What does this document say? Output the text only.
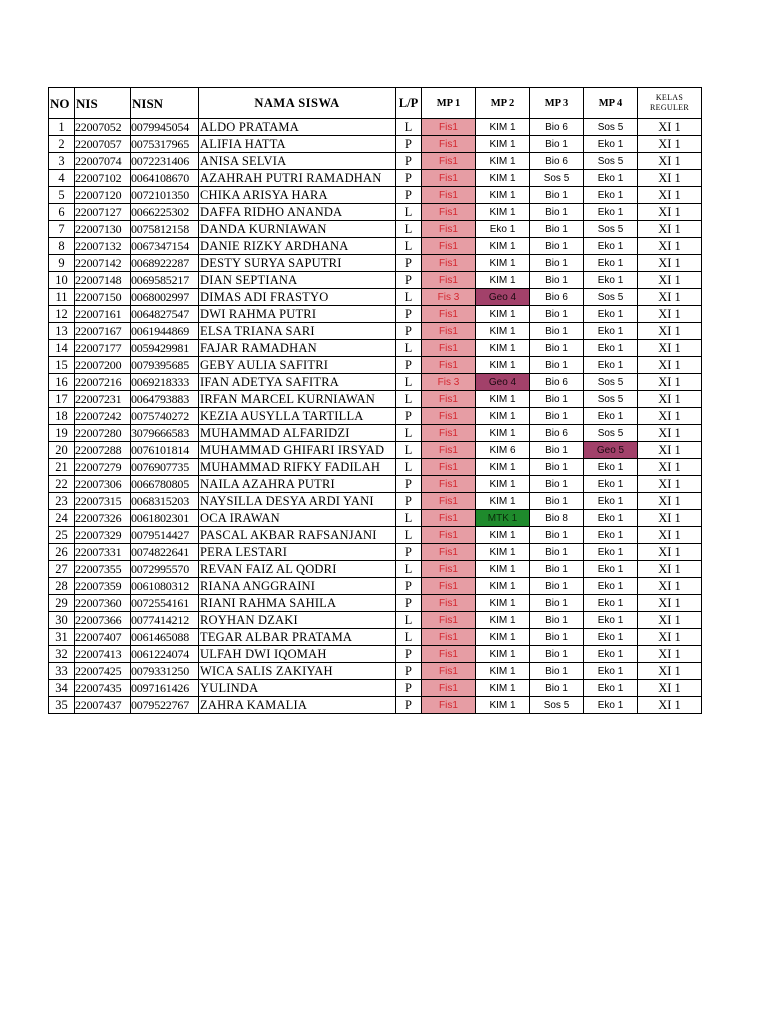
NO	NIS	NISN	NAMA SISWA	L/P	MP 1	MP 2	MP 3	MP 4	KELAS REGULER
1	22007052	0079945054	ALDO PRATAMA	L	Fis1	KIM 1	Bio 6	Sos 5	XI 1
2	22007057	0075317965	ALIFIA HATTA	P	Fis1	KIM 1	Bio 1	Eko 1	XI 1
3	22007074	0072231406	ANISA SELVIA	P	Fis1	KIM 1	Bio 6	Sos 5	XI 1
4	22007102	0064108670	AZAHRAH PUTRI RAMADHAN	P	Fis1	KIM 1	Sos 5	Eko 1	XI 1
5	22007120	0072101350	CHIKA ARISYA HARA	P	Fis1	KIM 1	Bio 1	Eko 1	XI 1
6	22007127	0066225302	DAFFA RIDHO ANANDA	L	Fis1	KIM 1	Bio 1	Eko 1	XI 1
7	22007130	0075812158	DANDA KURNIAWAN	L	Fis1	Eko 1	Bio 1	Sos 5	XI 1
8	22007132	0067347154	DANIE RIZKY ARDHANA	L	Fis1	KIM 1	Bio 1	Eko 1	XI 1
9	22007142	0068922287	DESTY SURYA SAPUTRI	P	Fis1	KIM 1	Bio 1	Eko 1	XI 1
10	22007148	0069585217	DIAN SEPTIANA	P	Fis1	KIM 1	Bio 1	Eko 1	XI 1
11	22007150	0068002997	DIMAS ADI FRASTYO	L	Fis 3	Geo 4	Bio 6	Sos 5	XI 1
12	22007161	0064827547	DWI RAHMA PUTRI	P	Fis1	KIM 1	Bio 1	Eko 1	XI 1
13	22007167	0061944869	ELSA TRIANA SARI	P	Fis1	KIM 1	Bio 1	Eko 1	XI 1
14	22007177	0059429981	FAJAR RAMADHAN	L	Fis1	KIM 1	Bio 1	Eko 1	XI 1
15	22007200	0079395685	GEBY AULIA SAFITRI	P	Fis1	KIM 1	Bio 1	Eko 1	XI 1
16	22007216	0069218333	IFAN ADETYA SAFITRA	L	Fis 3	Geo 4	Bio 6	Sos 5	XI 1
17	22007231	0064793883	IRFAN MARCEL KURNIAWAN	L	Fis1	KIM 1	Bio 1	Sos 5	XI 1
18	22007242	0075740272	KEZIA AUSYLLA TARTILLA	P	Fis1	KIM 1	Bio 1	Eko 1	XI 1
19	22007280	3079666583	MUHAMMAD ALFARIDZI	L	Fis1	KIM 1	Bio 6	Sos 5	XI 1
20	22007288	0076101814	MUHAMMAD GHIFARI IRSYAD	L	Fis1	KIM 6	Bio 1	Geo 5	XI 1
21	22007279	0076907735	MUHAMMAD RIFKY FADILAH	L	Fis1	KIM 1	Bio 1	Eko 1	XI 1
22	22007306	0066780805	NAILA AZAHRA PUTRI	P	Fis1	KIM 1	Bio 1	Eko 1	XI 1
23	22007315	0068315203	NAYSILLA DESYA ARDI YANI	P	Fis1	KIM 1	Bio 1	Eko 1	XI 1
24	22007326	0061802301	OCA IRAWAN	L	Fis1	MTK 1	Bio 8	Eko 1	XI 1
25	22007329	0079514427	PASCAL AKBAR RAFSANJANI	L	Fis1	KIM 1	Bio 1	Eko 1	XI 1
26	22007331	0074822641	PERA LESTARI	P	Fis1	KIM 1	Bio 1	Eko 1	XI 1
27	22007355	0072995570	REVAN FAIZ AL QODRI	L	Fis1	KIM 1	Bio 1	Eko 1	XI 1
28	22007359	0061080312	RIANA ANGGRAINI	P	Fis1	KIM 1	Bio 1	Eko 1	XI 1
29	22007360	0072554161	RIANI RAHMA SAHILA	P	Fis1	KIM 1	Bio 1	Eko 1	XI 1
30	22007366	0077414212	ROYHAN DZAKI	L	Fis1	KIM 1	Bio 1	Eko 1	XI 1
31	22007407	0061465088	TEGAR ALBAR PRATAMA	L	Fis1	KIM 1	Bio 1	Eko 1	XI 1
32	22007413	0061224074	ULFAH DWI IQOMAH	P	Fis1	KIM 1	Bio 1	Eko 1	XI 1
33	22007425	0079331250	WICA SALIS ZAKIYAH	P	Fis1	KIM 1	Bio 1	Eko 1	XI 1
34	22007435	0097161426	YULINDA	P	Fis1	KIM 1	Bio 1	Eko 1	XI 1
35	22007437	0079522767	ZAHRA KAMALIA	P	Fis1	KIM 1	Sos 5	Eko 1	XI 1
